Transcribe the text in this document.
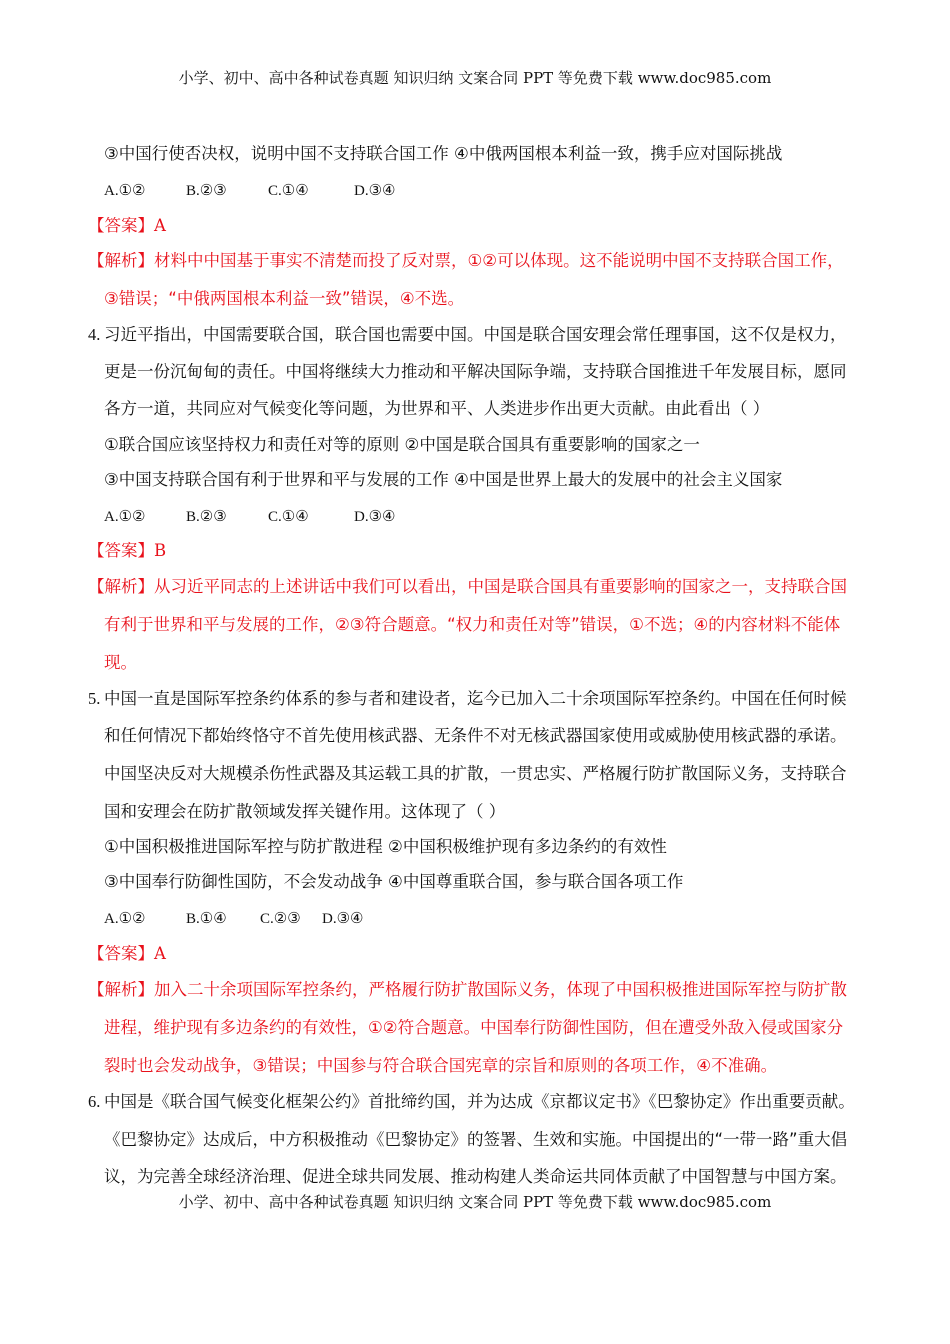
小学、初中、高中各种试卷真题 知识归纳 文案合同 PPT 等免费下载 www.doc985.com
③中国行使否决权，说明中国不支持联合国工作 ④中俄两国根本利益一致，携手应对国际挑战
A.①②	B.②③	C.①④	D.③④
【答案】A
【解析】材料中中国基于事实不清楚而投了反对票，①②可以体现。这不能说明中国不支持联合国工作，
③错误；“中俄两国根本利益一致”错误，④不选。
4. 习近平指出，中国需要联合国，联合国也需要中国。中国是联合国安理会常任理事国，这不仅是权力，
更是一份沉甸甸的责任。中国将继续大力推动和平解决国际争端，支持联合国推进千年发展目标，愿同
各方一道，共同应对气候变化等问题，为世界和平、人类进步作出更大贡献。由此看出（ ）
①联合国应该坚持权力和责任对等的原则 ②中国是联合国具有重要影响的国家之一
③中国支持联合国有利于世界和平与发展的工作 ④中国是世界上最大的发展中的社会主义国家
A.①②	B.②③	C.①④	D.③④
【答案】B
【解析】从习近平同志的上述讲话中我们可以看出，中国是联合国具有重要影响的国家之一，支持联合国
有利于世界和平与发展的工作，②③符合题意。“权力和责任对等”错误，①不选；④的内容材料不能体
现。
5. 中国一直是国际军控条约体系的参与者和建设者，迄今已加入二十余项国际军控条约。中国在任何时候
和任何情况下都始终恪守不首先使用核武器、无条件不对无核武器国家使用或威胁使用核武器的承诺。
中国坚决反对大规模杀伤性武器及其运载工具的扩散，一贯忠实、严格履行防扩散国际义务，支持联合
国和安理会在防扩散领域发挥关键作用。这体现了（ ）
①中国积极推进国际军控与防扩散进程 ②中国积极维护现有多边条约的有效性
③中国奉行防御性国防，不会发动战争 ④中国尊重联合国，参与联合国各项工作
A.①②	B.①④ C.②③ D.③④
【答案】A
【解析】加入二十余项国际军控条约，严格履行防扩散国际义务，体现了中国积极推进国际军控与防扩散
进程，维护现有多边条约的有效性，①②符合题意。中国奉行防御性国防，但在遭受外敌入侵或国家分
裂时也会发动战争，③错误；中国参与符合联合国宪章的宗旨和原则的各项工作，④不准确。
6. 中国是《联合国气候变化框架公约》首批缔约国，并为达成《京都议定书》《巴黎协定》作出重要贡献。
《巴黎协定》达成后，中方积极推动《巴黎协定》的签署、生效和实施。中国提出的“一带一路”重大倡
议，为完善全球经济治理、促进全球共同发展、推动构建人类命运共同体贡献了中国智慧与中国方案。
小学、初中、高中各种试卷真题 知识归纳 文案合同 PPT 等免费下载 www.doc985.com
